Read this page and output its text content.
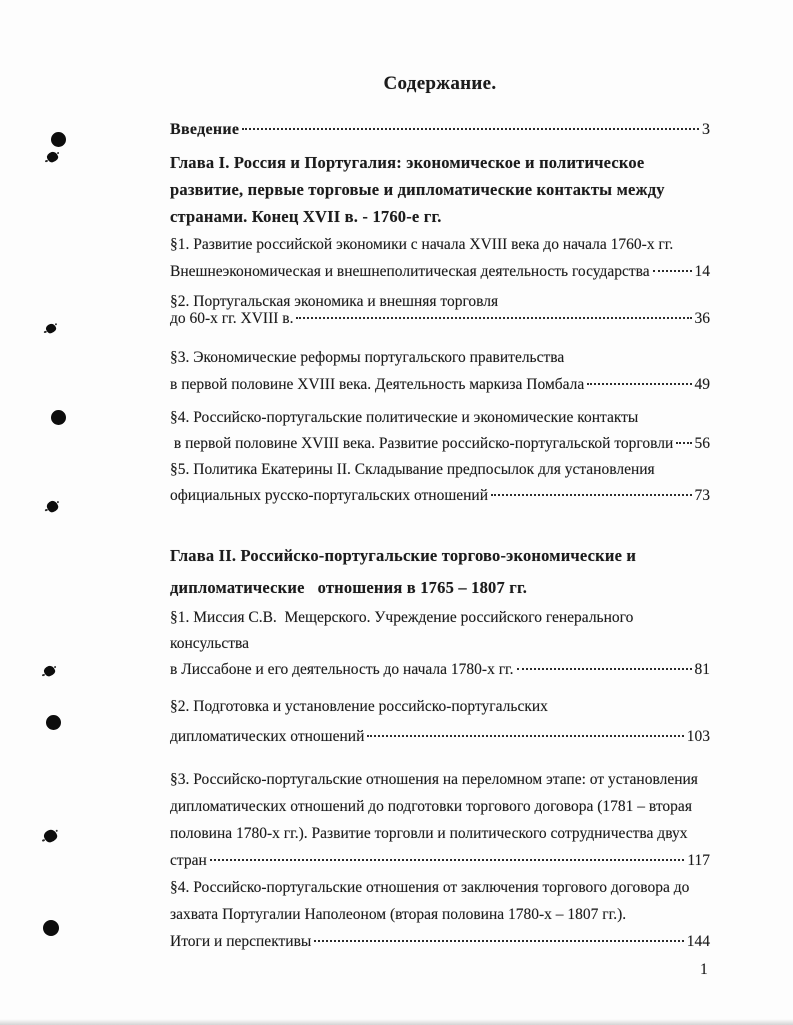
Содержание.
Введение	3
Глава I. Россия и Португалия: экономическое и политическое
развитие, первые торговые и дипломатические контакты между
странами. Конец XVII в. - 1760-е гг.
§1. Развитие российской экономики с начала XVIII века до начала 1760-х гг.
Внешнеэкономическая и внешнеполитическая деятельность государства	14
§2. Португальская экономика и внешняя торговля
до 60-х гг. XVIII в.	36
§3. Экономические реформы португальского правительства
в первой половине XVIII века. Деятельность маркиза Помбала	49
§4. Российско-португальские политические и экономические контакты
в первой половине XVIII века. Развитие российско-португальской торговли 56
§5. Политика Екатерины II. Складывание предпосылок для установления
официальных русско-португальских отношений	73
Глава II. Российско-португальские торгово-экономические и
дипломатические   отношения в 1765 – 1807 гг.
§1. Миссия С.В.  Мещерского. Учреждение российского генерального консульства
в Лиссабоне и его деятельность до начала 1780-х гг.	81
§2. Подготовка и установление российско-португальских
дипломатических отношений	103
§3. Российско-португальские отношения на переломном этапе: от установления
дипломатических отношений до подготовки торгового договора (1781 – вторая
половина 1780-х гг.). Развитие торговли и политического сотрудничества двух
стран	117
§4. Российско-португальские отношения от заключения торгового договора до
захвата Португалии Наполеоном (вторая половина 1780-х – 1807 гг.).
Итоги и перспективы	144
1
